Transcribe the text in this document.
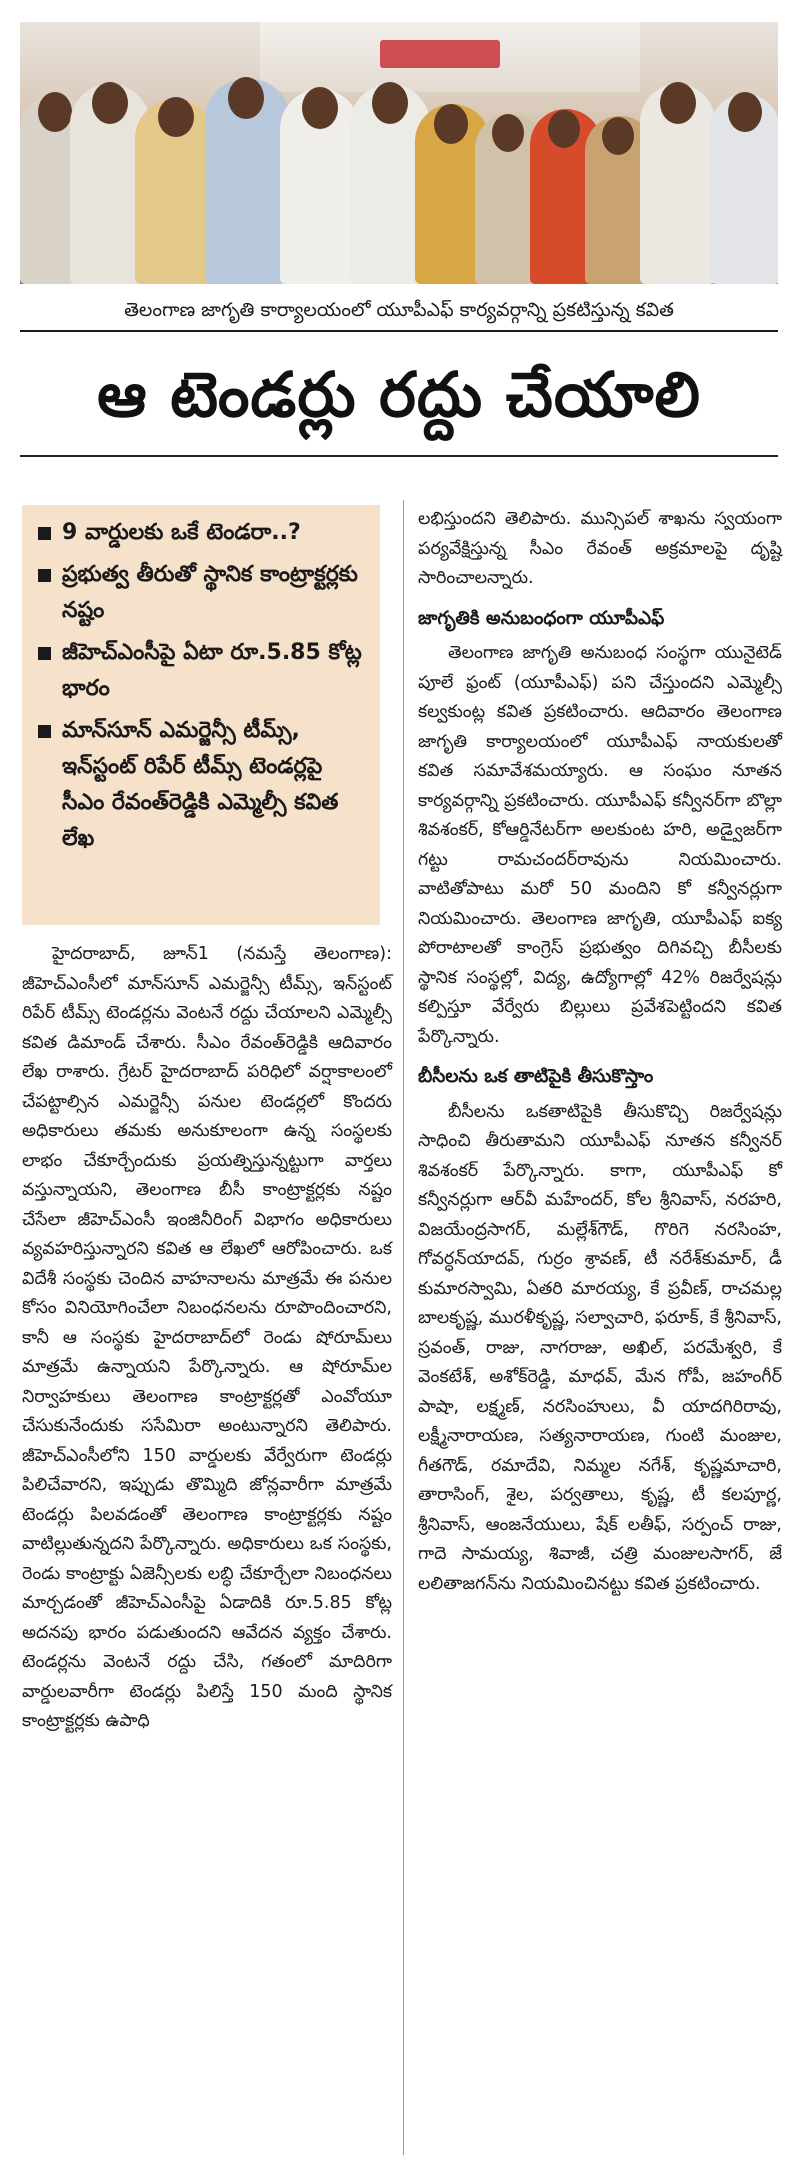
తెలంగాణ జాగృతి కార్యాలయంలో యూపీఎఫ్ కార్యవర్గాన్ని ప్రకటిస్తున్న కవిత
ఆ టెండర్లు రద్దు చేయాలి
9 వార్డులకు ఒకే టెండరా..?
ప్రభుత్వ తీరుతో స్థానిక కాంట్రాక్టర్లకు నష్టం
జీహెచ్ఎంసీపై ఏటా రూ.5.85 కోట్ల భారం
మాన్‌సూన్ ఎమర్జెన్సీ టీమ్స్, ఇన్‌స్టంట్ రిపేర్ టీమ్స్ టెండర్లపై సీఎం రేవంత్‌రెడ్డికి ఎమ్మెల్సీ కవిత లేఖ

హైదరాబాద్, జూన్1 (నమస్తే తెలంగాణ): జీహెచ్ఎంసీలో మాన్‌సూన్ ఎమర్జెన్సీ టీమ్స్, ఇన్‌స్టంట్ రిపేర్ టీమ్స్ టెండర్లను వెంటనే రద్దు చేయాలని ఎమ్మెల్సీ కవిత డిమాండ్ చేశారు. సీఎం రేవంత్‌రెడ్డికి ఆదివారం లేఖ రాశారు. గ్రేటర్ హైదరాబాద్ పరిధిలో వర్షాకాలంలో చేపట్టాల్సిన ఎమర్జెన్సీ పనుల టెండర్లలో కొందరు అధికారులు తమకు అనుకూలంగా ఉన్న సంస్థలకు లాభం చేకూర్చేందుకు ప్రయత్నిస్తున్నట్టుగా వార్తలు వస్తున్నాయని, తెలంగాణ బీసీ కాంట్రాక్టర్లకు నష్టం చేసేలా జీహెచ్ఎంసీ ఇంజినీరింగ్ విభాగం అధికారులు వ్యవహరిస్తున్నారని కవిత ఆ లేఖలో ఆరోపించారు. ఒక విదేశీ సంస్థకు చెందిన వాహనాలను మాత్రమే ఈ పనుల కోసం వినియోగించేలా నిబంధనలను రూపొందించారని, కానీ ఆ సంస్థకు హైదరాబాద్‌లో రెండు షోరూమ్‌లు మాత్రమే ఉన్నాయని పేర్కొన్నారు. ఆ షోరూమ్‌ల నిర్వాహకులు తెలంగాణ కాంట్రాక్టర్లతో ఎంవోయూ చేసుకునేందుకు ససేమిరా అంటున్నారని తెలిపారు. జీహెచ్ఎంసీలోని 150 వార్డులకు వేర్వేరుగా టెండర్లు పిలిచేవారని, ఇప్పుడు తొమ్మిది జోన్లవారీగా మాత్రమే టెండర్లు పిలవడంతో తెలంగాణ కాంట్రాక్టర్లకు నష్టం వాటిల్లుతున్నదని పేర్కొన్నారు. అధికారులు ఒక సంస్థకు, రెండు కాంట్రాక్టు ఏజెన్సీలకు లబ్ధి చేకూర్చేలా నిబంధనలు మార్చడంతో జీహెచ్ఎంసీపై ఏడాదికి రూ.5.85 కోట్ల అదనపు భారం పడుతుందని ఆవేదన వ్యక్తం చేశారు. టెండర్లను వెంటనే రద్దు చేసి, గతంలో మాదిరిగా వార్డులవారీగా టెండర్లు పిలిస్తే 150 మంది స్థానిక కాంట్రాక్టర్లకు ఉపాధి

లభిస్తుందని తెలిపారు. మున్సిపల్ శాఖను స్వయంగా పర్యవేక్షిస్తున్న సీఎం రేవంత్ అక్రమాలపై దృష్టి సారించాలన్నారు.

జాగృతికి అనుబంధంగా యూపీఎఫ్

తెలంగాణ జాగృతి అనుబంధ సంస్థగా యునైటెడ్ పూలే ఫ్రంట్ (యూపీఎఫ్) పని చేస్తుందని ఎమ్మెల్సీ కల్వకుంట్ల కవిత ప్రకటించారు. ఆదివారం తెలంగాణ జాగృతి కార్యాలయంలో యూపీఎఫ్ నాయకులతో కవిత సమావేశమయ్యారు. ఆ సంఘం నూతన కార్యవర్గాన్ని ప్రకటించారు. యూపీఎఫ్ కన్వీనర్‌గా బొల్లా శివశంకర్, కోఆర్డినేటర్‌గా అలకుంట హరి, అడ్వైజర్‌గా గట్టు రామచందర్‌రావును నియమించారు. వాటితోపాటు మరో 50 మందిని కో కన్వీనర్లుగా నియమించారు. తెలంగాణ జాగృతి, యూపీఎఫ్ ఐక్య పోరాటాలతో కాంగ్రెస్ ప్రభుత్వం దిగివచ్చి బీసీలకు స్థానిక సంస్థల్లో, విద్య, ఉద్యోగాల్లో 42% రిజర్వేషన్లు కల్పిస్తూ వేర్వేరు బిల్లులు ప్రవేశపెట్టిందని కవిత పేర్కొన్నారు.

బీసీలను ఒక తాటిపైకి తీసుకొస్తాం

బీసీలను ఒకతాటిపైకి తీసుకొచ్చి రిజర్వేషన్లు సాధించి తీరుతామని యూపీఎఫ్ నూతన కన్వీనర్ శివశంకర్ పేర్కొన్నారు. కాగా, యూపీఎఫ్ కో కన్వీనర్లుగా ఆర్‌వీ మహేందర్, కోల శ్రీనివాస్, నరహరి, విజయేంద్రసాగర్, మల్లేశ్‌గౌడ్, గొరిగె నరసింహ, గోవర్ధన్‌యాదవ్, గుర్రం శ్రావణ్, టీ నరేశ్‌కుమార్, డీ కుమారస్వామి, ఏతరి మారయ్య, కే ప్రవీణ్, రాచమల్ల బాలకృష్ణ, మురళీకృష్ణ, సల్వాచారి, ఫరూక్, కే శ్రీనివాస్, స్రవంత్, రాజు, నాగరాజు, అఖిల్, పరమేశ్వరి, కే వెంకటేశ్, అశోక్‌రెడ్డి, మాధవ్, మేన గోపీ, జహంగీర్ పాషా, లక్ష్మణ్, నరసింహులు, వీ యాదగిరిరావు, లక్ష్మీనారాయణ, సత్యనారాయణ, గుంటి మంజుల, గీతగౌడ్, రమాదేవి, నిమ్మల నగేశ్, కృష్ణమాచారి, తారాసింగ్, శైల, పర్వతాలు, కృష్ణ, టీ కలపూర్ణ, శ్రీనివాస్, ఆంజనేయులు, షేక్ లతీఫ్, సర్పంచ్ రాజు, గాదె సామయ్య, శివాజీ, చత్రి మంజులసాగర్, జే లలితాజగన్‌ను నియమించినట్టు కవిత ప్రకటించారు.
